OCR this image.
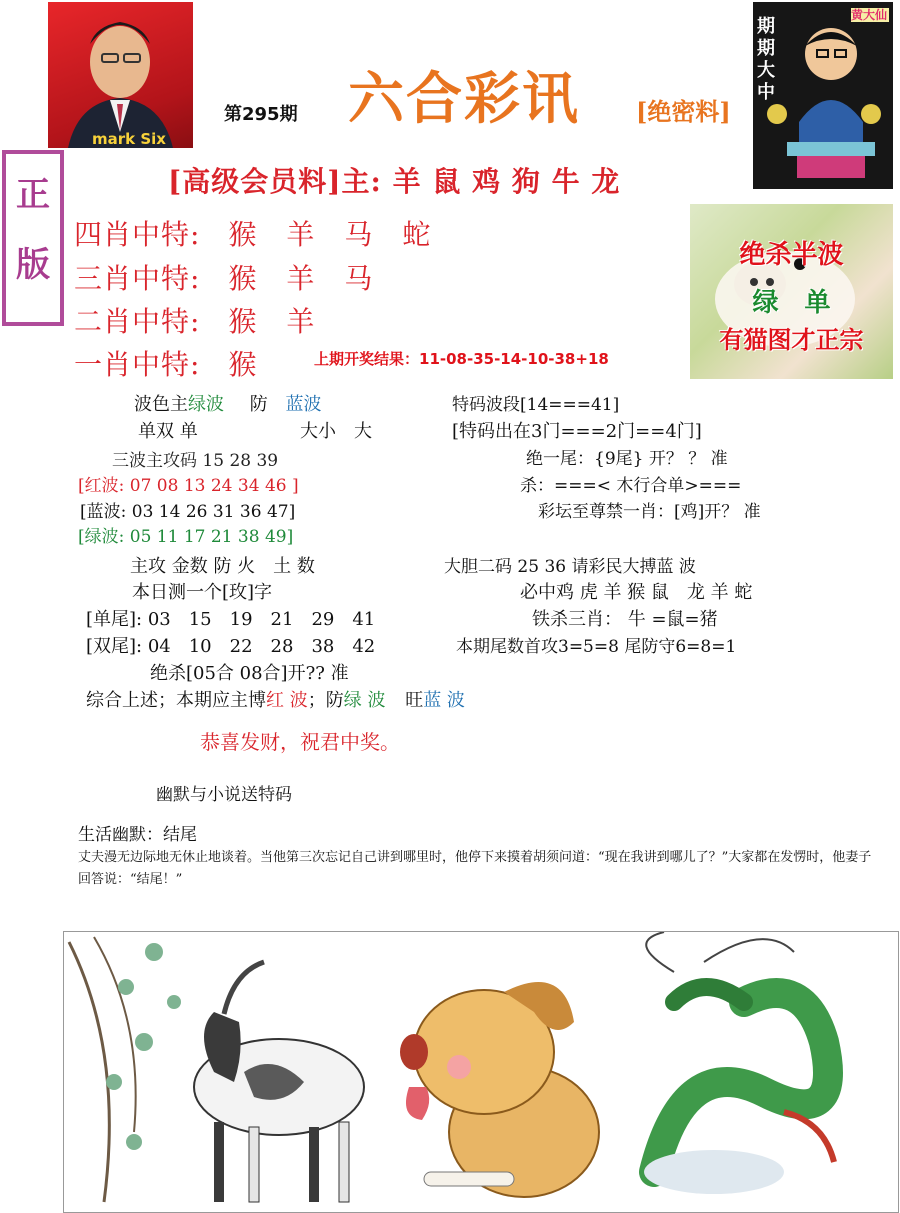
mark Six
第295期 六合彩讯 [绝密料]
期期大中
黄大仙
正
版
[高级会员料]主: 羊 鼠 鸡 狗 牛 龙
四肖中特: 猴　羊　马　蛇
三肖中特: 猴　羊　马
二肖中特: 猴　羊
一肖中特: 猴	上期开奖结果：11-08-35-14-10-38+18
绝杀半波
绿　单
有猫图才正宗
波色主绿波 防 蓝波
单双 单	大小　大
三波主攻码 15 28 39
[红波: 07 08 13 24 34 46 ]
[蓝波: 03 14 26 31 36 47]
[绿波: 05 11 17 21 38 49]
主攻 金数 防 火　土 数
本日测一个[玫]字
[单尾]: 03　15　19　21　29　41
[双尾]: 04　10　22　28　38　42
绝杀[05合 08合]开?? 准
综合上述；本期应主博红 波；防绿 波 旺蓝 波
恭喜发财，祝君中奖。
特码波段[14===41]
[特码出在3门===2门==4门]
绝一尾：{9尾} 开？ ？ 准
杀：===< 木行合单>===
彩坛至尊禁一肖：[鸡]开？ 准
大胆二码 25 36 请彩民大搏蓝 波
必中鸡 虎 羊 猴 鼠　龙 羊 蛇
铁杀三肖： 牛 =鼠=猪
本期尾数首攻3=5=8 尾防守6=8=1
幽默与小说送特码
生活幽默：结尾
丈夫漫无边际地无休止地谈着。当他第三次忘记自己讲到哪里时，他停下来摸着胡须问道：“现在我讲到哪儿了？”大家都在发愣时，他妻子回答说：“结尾！”
